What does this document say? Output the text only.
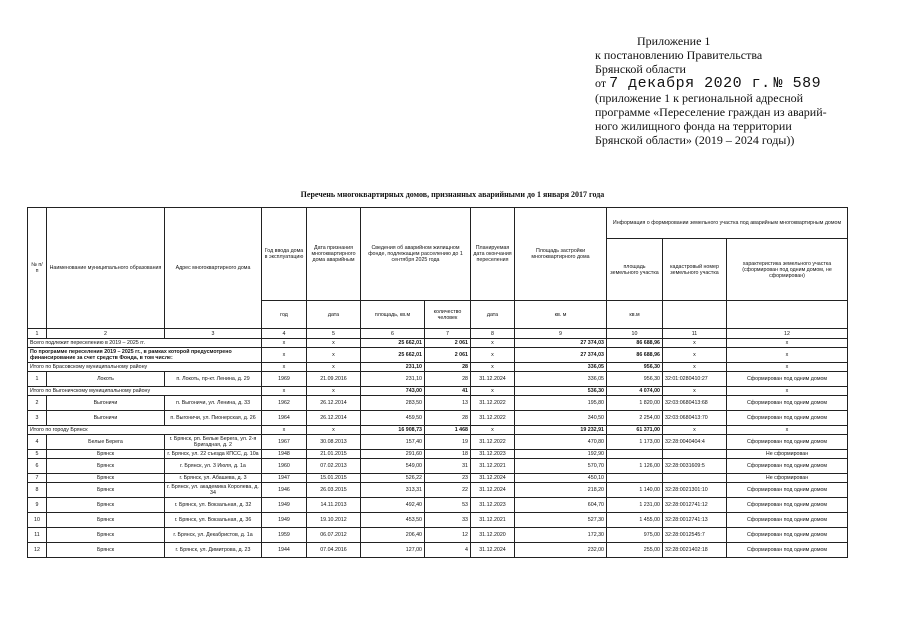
Приложение 1
к постановлению Правительства
Брянской области
от 7 декабря 2020 г. № 589
(приложение 1 к региональной адресной
программе «Переселение граждан из аварий-
ного жилищного фонда на территории
Брянской области» (2019 – 2024 годы))
Перечень многоквартирных домов, признанных аварийными до 1 января 2017 года
№ п/п	Наименование муниципального образования	Адрес многоквартирного дома	Год ввода дома в эксплуатацию	Дата признания многоквартирного дома аварийным	Сведения об аварийном жилищном фонде, подлежащем расселению до 1 сентября 2025 года		Планируемая дата окончания переселения	Площадь застройки многоквартирного дома	Информация о формировании земельного участка под аварийным многоквартирным домом		
									площадь земельного участка	кадастровый номер земельного участка	характеристика земельного участка (сформирован под одним домом, не сформирован)
			год	дата	площадь, кв.м	количество человек	дата	кв. м	кв.м		
1	2	3	4	5	6	7	8	9	10	11	12
Всего подлежит переселению в 2019 – 2025 гг.			x	x	25 662,01	2 061	x	27 374,03	86 688,96	x	x
По программе переселения 2019 – 2025 гг., в рамках которой предусмотрено финансирование за счет средств Фонда, в том числе:			x	x	25 662,01	2 061	x	27 374,03	86 688,96	x	x
Итого по Брасовскому муниципальному району			x	x	231,10	28	x	336,05	956,30	x	x
1	Локоть	п. Локоть, пр-кт. Ленина, д. 29	1969	21.09.2016	231,10	28	31.12.2024	336,05	956,30	32:01:0280410:27	Сформирован под одним домом
Итого по Выгоничскому муниципальному району			x	x	743,00	41	x	536,30	4 074,00	x	x
2	Выгоничи	п. Выгоничи, ул. Ленина, д. 33	1962	26.12.2014	283,50	13	31.12.2022	195,80	1 820,00	32:03:0680413:68	Сформирован под одним домом
3	Выгоничи	п. Выгоничи, ул. Пионерская, д. 26	1964	26.12.2014	459,50	28	31.12.2022	340,50	2 254,00	32:03:0680413:70	Сформирован под одним домом
Итого по городу Брянск			x	x	16 908,73	1 468	x	19 232,91	61 371,00	x	x
4	Белые Берега	г. Брянск, рп. Белые Берега, ул. 2-я Бригадная, д. 2	1967	30.08.2013	157,40	19	31.12.2022	470,80	1 173,00	32:28:0040404:4	Сформирован под одним домом
5	Брянск	г. Брянск, ул. 22 съезда КПСС, д. 10а	1948	21.01.2015	291,60	18	31.12.2023	192,90			Не сформирован
6	Брянск	г. Брянск, ул. 3 Июля, д. 1а	1960	07.02.2013	549,00	31	31.12.2021	570,70	1 126,00	32:28:0031609:5	Сформирован под одним домом
7	Брянск	г. Брянск, ул. Абашева, д. 3	1947	15.01.2015	526,22	23	31.12.2024	450,10			Не сформирован
8	Брянск	г. Брянск, ул. академика Королева, д. 34	1946	26.03.2015	313,31	22	31.12.2024	218,20	1 140,00	32:28:0021301:10	Сформирован под одним домом
9	Брянск	г. Брянск, ул. Вокзальная, д. 32	1949	14.11.2013	492,40	53	31.12.2023	604,70	1 231,00	32:28:0012741:12	Сформирован под одним домом
10	Брянск	г. Брянск, ул. Вокзальная, д. 36	1949	19.10.2012	453,50	33	31.12.2021	527,30	1 455,00	32:28:0012741:13	Сформирован под одним домом
11	Брянск	г. Брянск, ул. Декабристов, д. 1а	1959	06.07.2012	206,40	12	31.12.2020	172,30	975,00	32:28:0012545:7	Сформирован под одним домом
12	Брянск	г. Брянск, ул. Димитрова, д. 23	1944	07.04.2016	127,00	4	31.12.2024	232,00	255,00	32:28:0021402:18	Сформирован под одним домом
